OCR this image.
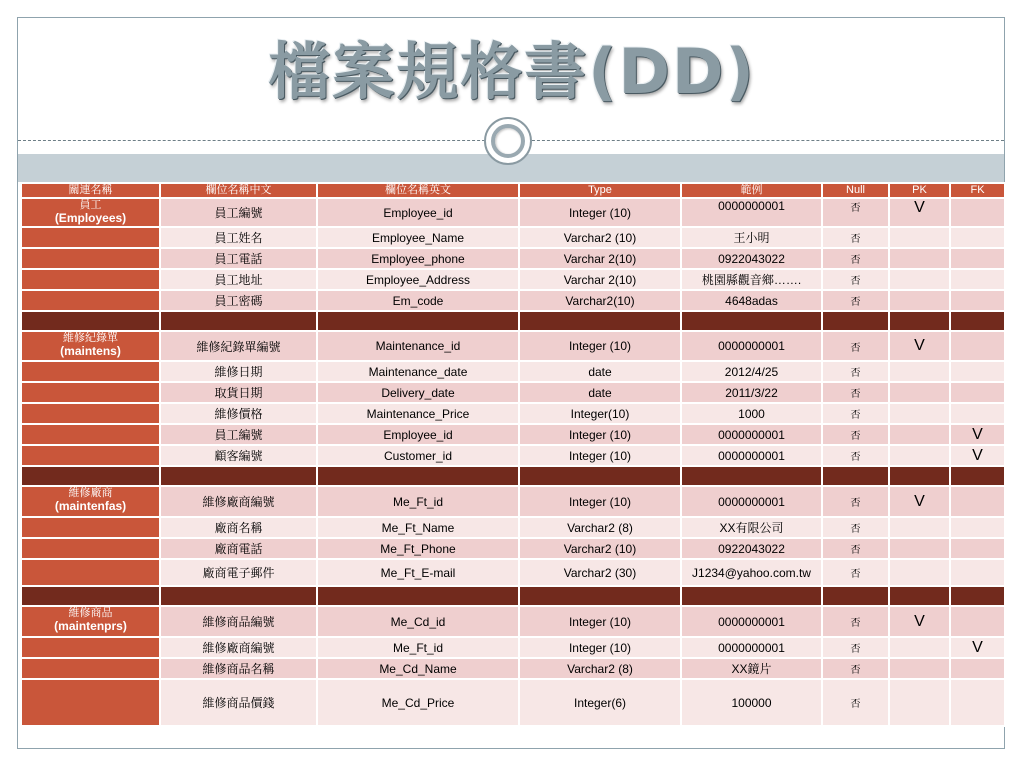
檔案規格書(DD)
關連名稱	欄位名稱中文	欄位名稱英文	Type	範例	Null	PK	FK

員工
(Employees)	員工編號	Employee_id	Integer (10)	0000000001	否	V	
	員工姓名	Employee_Name	Varchar2 (10)	王小明	否		
	員工電話	Employee_phone	Varchar 2(10)	0922043022	否		
	員工地址	Employee_Address	Varchar 2(10)	桃園縣觀音鄉…….	否		
	員工密碼	Em_code	Varchar2(10)	4648adas	否		

維修紀錄單
(maintens)	維修紀錄單編號	Maintenance_id	Integer (10)	0000000001	否	V	
	維修日期	Maintenance_date	date	2012/4/25	否		
	取貨日期	Delivery_date	date	2011/3/22	否		
	維修價格	Maintenance_Price	Integer(10)	1000	否		
	員工編號	Employee_id	Integer (10)	0000000001	否		V
	顧客編號	Customer_id	Integer (10)	0000000001	否		V

維修廠商
(maintenfas)	維修廠商編號	Me_Ft_id	Integer (10)	0000000001	否	V	
	廠商名稱	Me_Ft_Name	Varchar2 (8)	XX有限公司	否		
	廠商電話	Me_Ft_Phone	Varchar2 (10)	0922043022	否		
	廠商電子郵件	Me_Ft_E-mail	Varchar2 (30)	J1234@yahoo.com.tw	否		

維修商品
(maintenprs)	維修商品編號	Me_Cd_id	Integer (10)	0000000001	否	V	
	維修廠商編號	Me_Ft_id	Integer (10)	0000000001	否		V
	維修商品名稱	Me_Cd_Name	Varchar2 (8)	XX鏡片	否		
	維修商品價錢	Me_Cd_Price	Integer(6)	100000	否		
